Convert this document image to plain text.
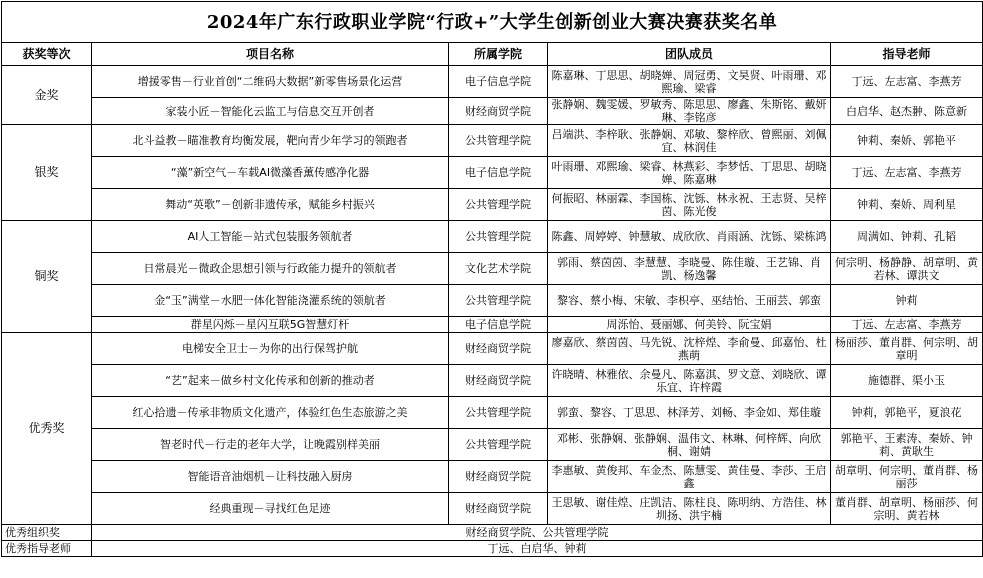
2024年广东行政职业学院“行政+”大学生创新创业大赛决赛获奖名单				
获奖等次	项目名称	所属学院	团队成员	指导老师
金奖	增援零售－行业首创“二维码大数据”新零售场景化运营	电子信息学院	陈嘉琳、丁思思、胡晓婵、周冠勇、文昊贤、叶雨珊、邓熙瑜、梁睿	丁远、左志富、李燕芳
	家装小匠－智能化云监工与信息交互开创者	财经商贸学院	张静娴、魏雯媛、罗敏秀、陈思思、廖鑫、朱斯铭、戴妍琳、李铭彦	白启华、赵杰翀、陈意新
银奖	北斗益教－瞄准教育均衡发展，靶向青少年学习的领跑者	公共管理学院	吕端洪、李梓耿、张静娴、邓敏、黎梓欣、曾熙丽、刘佩宜、林润佳	钟莉、秦娇、郭艳平
	“藻”新空气－车载AI微藻香薰传感净化器	电子信息学院	叶雨珊、邓熙瑜、梁睿、林燕彩、李梦恬、丁思思、胡晓婵、陈嘉琳	丁远、左志富、李燕芳
	舞动“英歌”－创新非遗传承，赋能乡村振兴	公共管理学院	何振昭、林丽霖、李国栋、沈铄、林永祝、王志贤、吴梓茵、陈光俊	钟莉、秦娇、周利星
铜奖	AI人工智能－站式包装服务领航者	公共管理学院	陈鑫、周婷婷、钟慧敏、成欣欣、肖雨涵、沈铄、梁栋鸿	周满如、钟莉、孔韬
	日常晨光－微政企思想引领与行政能力提升的领航者	文化艺术学院	郭雨、蔡茵茵、李慧慧、李晓曼、陈佳璇、王艺锦、肖凯、杨逸馨	何宗明、杨静静、胡章明、黄若林、谭洪文
	金“玉”满堂－水肥一体化智能浇灌系统的领航者	公共管理学院	黎容、蔡小梅、宋敏、李枳亭、巫结怡、王丽芸、郭蛮	钟莉
	群星闪烁－星闪互联5G智慧灯杆	电子信息学院	周泺怡、聂丽娜、何美铃、阮宝娟	丁远、左志富、李燕芳
优秀奖	电梯安全卫士－为你的出行保驾护航	财经商贸学院	廖嘉欣、蔡茵茵、马先锐、沈梓煌、李俞曼、邱嘉怡、杜燕萌	杨丽莎、董肖群、何宗明、胡章明
	“艺”起来－做乡村文化传承和创新的推动者	财经商贸学院	许晓晴、林雅依、余曼凡、陈嘉淇、罗文意、刘晓欣、谭乐宜、许梓霞	施德群、渠小玉
	红心拾遗－传承非物质文化遗产，体验红色生态旅游之美	公共管理学院	郭蛮、黎容、丁思思、林泽芳、刘畅、李金如、郑佳璇	钟莉，郭艳平，夏浪花
	智老时代－行走的老年大学，让晚霞别样美丽	公共管理学院	邓彬、张静娴、张静娴、温伟文、林琳、何梓辉、向欣桐、谢婧	郭艳平、王素涛、秦娇、钟莉、黄耿生
	智能语音油烟机－让科技融入厨房	财经商贸学院	李惠敏、黄俊邦、车金杰、陈慧雯、黄佳曼、李莎、王启鑫	胡章明、何宗明、董肖群、杨丽莎
	经典重现－寻找红色足迹	财经商贸学院	王思敏、谢佳煌、庄凯洁、陈柱良、陈明纳、方浩佳、林圳扬、洪宇楠	董肖群、胡章明、杨丽莎、何宗明、黄若林
优秀组织奖	财经商贸学院、公共管理学院			
优秀指导老师	丁远、白启华、钟莉			
